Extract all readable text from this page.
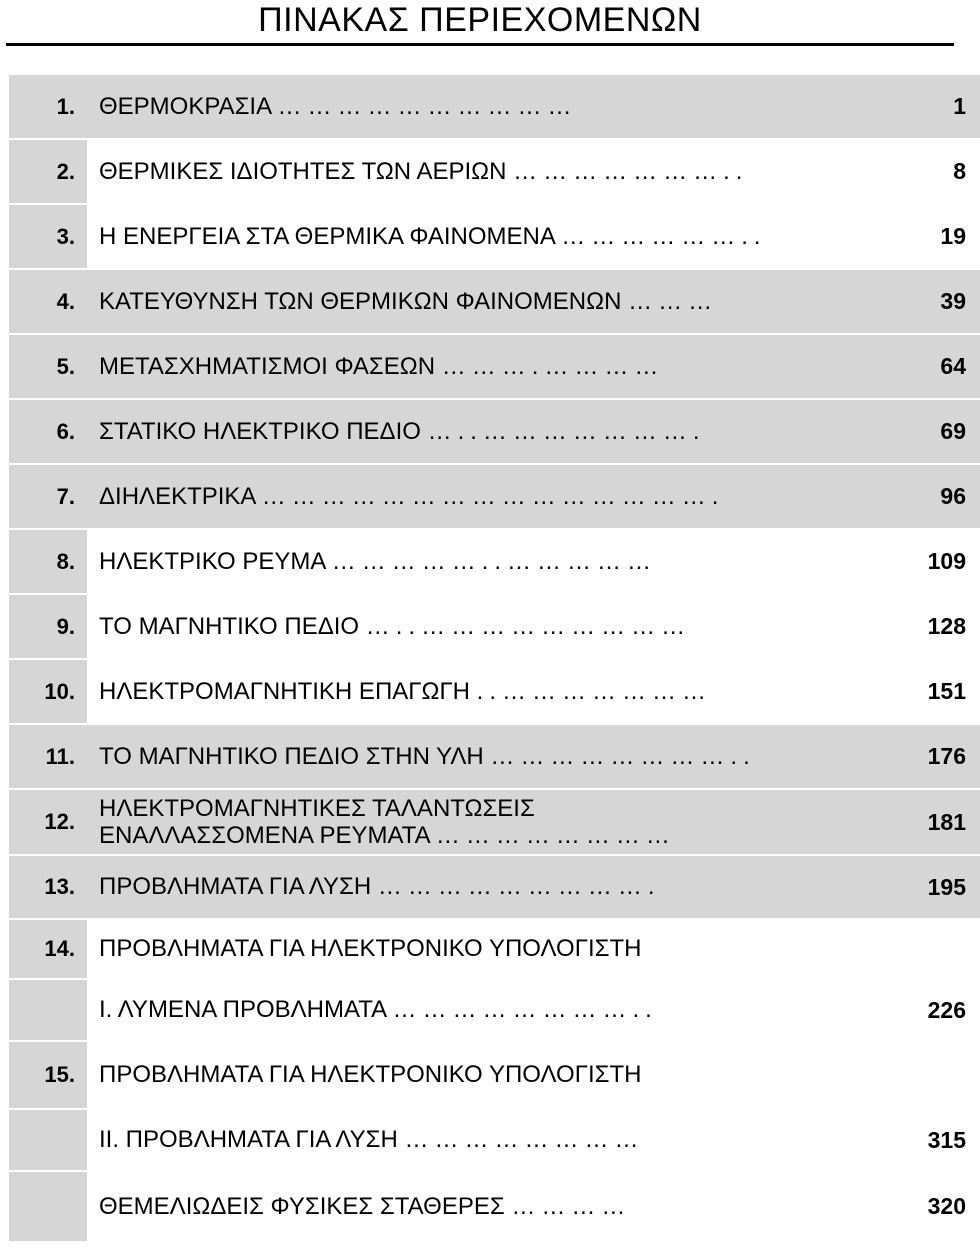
ΠΙΝΑΚΑΣ ΠΕΡΙΕΧΟΜΕΝΩΝ
1.	ΘΕΡΜΟΚΡΑΣΙΑ …………………………	1
2.	ΘΕΡΜΙΚΕΣ ΙΔΙΟΤΗΤΕΣ ΤΩΝ ΑΕΡΙΩΝ …………………..	8
3.	Η ΕΝΕΡΓΕΙΑ ΣΤΑ ΘΕΡΜΙΚΑ ΦΑΙΝΟΜΕΝΑ ………………..	19
4.	ΚΑΤΕΥΘΥΝΣΗ ΤΩΝ ΘΕΡΜΙΚΩΝ ΦΑΙΝΟΜΕΝΩΝ ………	39
5.	ΜΕΤΑΣΧΗΜΑΤΙΣΜΟΙ ΦΑΣΕΩΝ ……….…………	64
6.	ΣΤΑΤΙΚΟ ΗΛΕΚΤΡΙΚΟ ΠΕΔΙΟ …..………………….	69
7.	ΔΙΗΛΕΚΤΡΙΚΑ ……………………………………….	96
8.	ΗΛΕΚΤΡΙΚΟ ΡΕΥΜΑ ……………..……………	109
9.	ΤΟ ΜΑΓΝΗΤΙΚΟ ΠΕΔΙΟ …..………………………	128
10.	ΗΛΕΚΤΡΟΜΑΓΝΗΤΙΚΗ ΕΠΑΓΩΓΗ ..…………………	151
11.	ΤΟ ΜΑΓΝΗΤΙΚΟ ΠΕΔΙΟ ΣΤΗΝ ΥΛΗ ……………………..	176
12.	ΗΛΕΚΤΡΟΜΑΓΝΗΤΙΚΕΣ ΤΑΛΑΝΤΩΣΕΙΣ
ΕΝΑΛΛΑΣΣΟΜΕΝΑ ΡΕΥΜΑΤΑ ……………………	181
13.	ΠΡΟΒΛΗΜΑΤΑ ΓΙΑ ΛΥΣΗ ……………………….	195
14.	ΠΡΟΒΛΗΜΑΤΑ ΓΙΑ ΗΛΕΚΤΡΟΝΙΚΟ ΥΠΟΛΟΓΙΣΤΗ	
	Ι. ΛΥΜΕΝΑ ΠΡΟΒΛΗΜΑΤΑ ……………………..	226
15.	ΠΡΟΒΛΗΜΑΤΑ ΓΙΑ ΗΛΕΚΤΡΟΝΙΚΟ ΥΠΟΛΟΓΙΣΤΗ	
	ΙΙ. ΠΡΟΒΛΗΜΑΤΑ ΓΙΑ ΛΥΣΗ ……………………	315
	ΘΕΜΕΛΙΩΔΕΙΣ ΦΥΣΙΚΕΣ ΣΤΑΘΕΡΕΣ …………	320
